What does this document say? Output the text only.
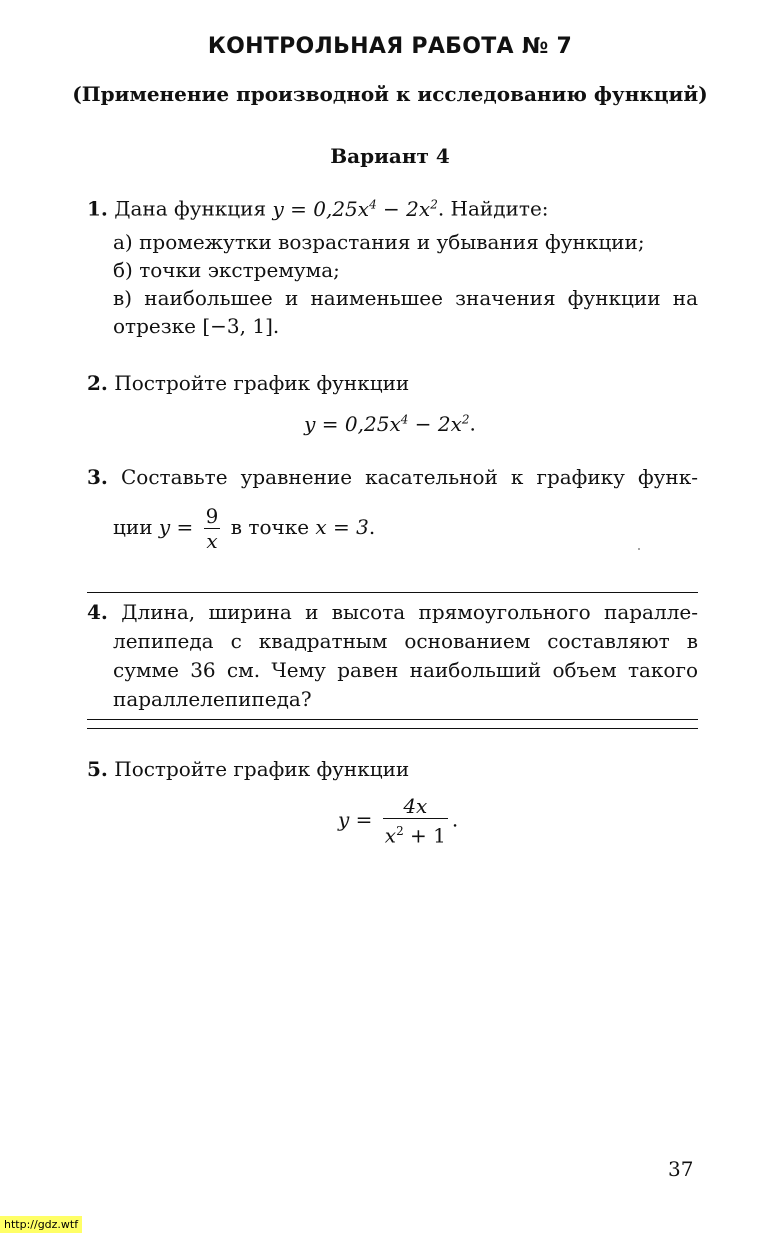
КОНТРОЛЬНАЯ РАБОТА № 7
(Применение производной к исследованию функций)
Вариант 4
1. Дана функция $y = 0,25x^4 - 2x^2$. Найдите:
а) промежутки возрастания и убывания функции;
б) точки экстремума;
в) наибольшее и наименьшее значения функции на
отрезке [−3, 1].
2. Постройте график функции
$y = 0,25x^4 - 2x^2$.
3. Составьте уравнение касательной к графику функ-
ции $y = \frac{9}{x}$ в точке x = 3.
4. Длина, ширина и высота прямоугольного паралле-
лепипеда с квадратным основанием составляют в
сумме 36 см. Чему равен наибольший объем такого
параллелепипеда?
5. Постройте график функции
$y = \frac{4x}{x^2 + 1}$ .
37
http://gdz.wtf
